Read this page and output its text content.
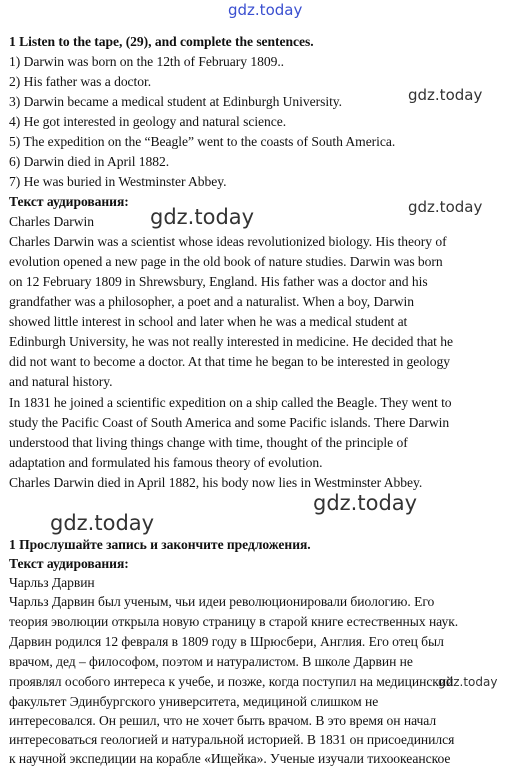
gdz.today
gdz.today
gdz.today	gdz.today
gdz.today
gdz.today
gdz.today
1 Listen to the tape, (29), and complete the sentences.
1) Darwin was born on the 12th of February 1809..
2) His father was a doctor.
3) Darwin became a medical student at Edinburgh University.
4) He got interested in geology and natural science.
5) The expedition on the “Beagle” went to the coasts of South America.
6) Darwin died in April 1882.
7) He was buried in Westminster Abbey.
Текст аудирования:
Charles Darwin
Charles Darwin was a scientist whose ideas revolutionized biology. His theory of
evolution opened a new page in the old book of nature studies. Darwin was born
on 12 February 1809 in Shrewsbury, England. His father was a doctor and his
grandfather was a philosopher, a poet and a naturalist. When a boy, Darwin
showed little interest in school and later when he was a medical student at
Edinburgh University, he was not really interested in medicine. He decided that he
did not want to become a doctor. At that time he began to be interested in geology
and natural history.
In 1831 he joined a scientific expedition on a ship called the Beagle. They went to
study the Pacific Coast of South America and some Pacific islands. There Darwin
understood that living things change with time, thought of the principle of
adaptation and formulated his famous theory of evolution.
Charles Darwin died in April 1882, his body now lies in Westminster Abbey.
1 Прослушайте запись и закончите предложения.
Текст аудирования:
Чарльз Дарвин
Чарльз Дарвин был ученым, чьи идеи революционировали биологию. Его
теория эволюции открыла новую страницу в старой книге естественных наук.
Дарвин родился 12 февраля в 1809 году в Шрюсбери, Англия. Его отец был
врачом, дед – философом, поэтом и натуралистом. В школе Дарвин не
проявлял особого интереса к учебе, и позже, когда поступил на медицинский
факультет Эдинбургского университета, медициной слишком не
интересовался. Он решил, что не хочет быть врачом. В это время он начал
интересоваться геологией и натуральной историей. В 1831 он присоединился
к научной экспедиции на корабле «Ищейка». Ученые изучали тихоокеанское
